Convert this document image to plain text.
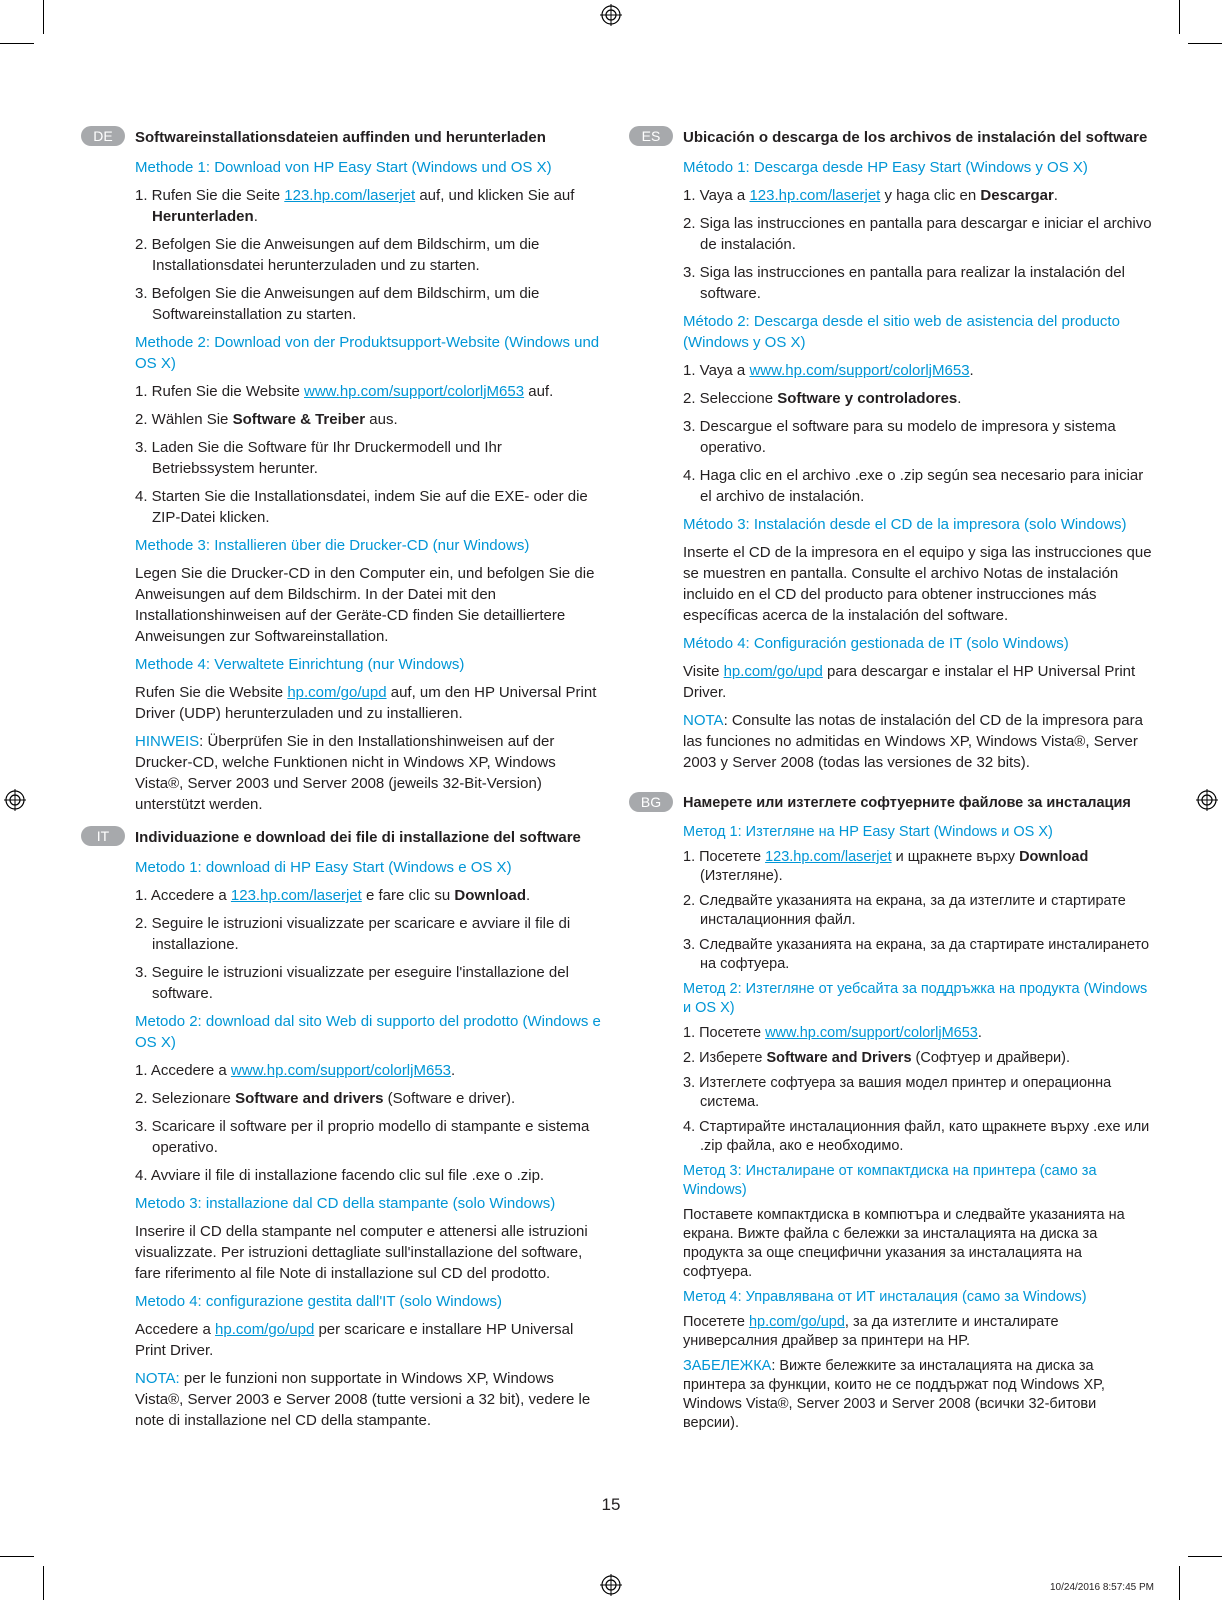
DE	Softwareinstallationsdateien auffinden und herunterladen
Methode 1: Download von HP Easy Start (Windows und OS X)
1. Rufen Sie die Seite 123.hp.com/laserjet auf, und klicken Sie auf Herunterladen.
2. Befolgen Sie die Anweisungen auf dem Bildschirm, um die Installationsdatei herunterzuladen und zu starten.
3. Befolgen Sie die Anweisungen auf dem Bildschirm, um die Softwareinstallation zu starten.
Methode 2: Download von der Produktsupport-Website (Windows und OS X)
1. Rufen Sie die Website www.hp.com/support/colorljM653 auf.
2. Wählen Sie Software & Treiber aus.
3. Laden Sie die Software für Ihr Druckermodell und Ihr Betriebssystem herunter.
4. Starten Sie die Installationsdatei, indem Sie auf die EXE- oder die ZIP-Datei klicken.
Methode 3: Installieren über die Drucker-CD (nur Windows)
Legen Sie die Drucker-CD in den Computer ein, und befolgen Sie die Anweisungen auf dem Bildschirm. In der Datei mit den Installationshinweisen auf der Geräte-CD finden Sie detailliertere Anweisungen zur Softwareinstallation.
Methode 4: Verwaltete Einrichtung (nur Windows)
Rufen Sie die Website hp.com/go/upd auf, um den HP Universal Print Driver (UDP) herunterzuladen und zu installieren.
HINWEIS: Überprüfen Sie in den Installationshinweisen auf der Drucker-CD, welche Funktionen nicht in Windows XP, Windows Vista®, Server 2003 und Server 2008 (jeweils 32-Bit-Version) unterstützt werden.
IT	Individuazione e download dei file di installazione del software
Metodo 1: download di HP Easy Start (Windows e OS X)
1. Accedere a 123.hp.com/laserjet e fare clic su Download.
2. Seguire le istruzioni visualizzate per scaricare e avviare il file di installazione.
3. Seguire le istruzioni visualizzate per eseguire l'installazione del software.
Metodo 2: download dal sito Web di supporto del prodotto (Windows e OS X)
1. Accedere a www.hp.com/support/colorljM653.
2. Selezionare Software and drivers (Software e driver).
3. Scaricare il software per il proprio modello di stampante e sistema operativo.
4. Avviare il file di installazione facendo clic sul file .exe o .zip.
Metodo 3: installazione dal CD della stampante (solo Windows)
Inserire il CD della stampante nel computer e attenersi alle istruzioni visualizzate. Per istruzioni dettagliate sull'installazione del software, fare riferimento al file Note di installazione sul CD del prodotto.
Metodo 4: configurazione gestita dall'IT (solo Windows)
Accedere a hp.com/go/upd per scaricare e installare HP Universal Print Driver.
NOTA: per le funzioni non supportate in Windows XP, Windows Vista®, Server 2003 e Server 2008 (tutte versioni a 32 bit), vedere le note di installazione nel CD della stampante.
ES	Ubicación o descarga de los archivos de instalación del software
Método 1: Descarga desde HP Easy Start (Windows y OS X)
1. Vaya a 123.hp.com/laserjet y haga clic en Descargar.
2. Siga las instrucciones en pantalla para descargar e iniciar el archivo de instalación.
3. Siga las instrucciones en pantalla para realizar la instalación del software.
Método 2: Descarga desde el sitio web de asistencia del producto (Windows y OS X)
1. Vaya a www.hp.com/support/colorljM653.
2. Seleccione Software y controladores.
3. Descargue el software para su modelo de impresora y sistema operativo.
4. Haga clic en el archivo .exe o .zip según sea necesario para iniciar el archivo de instalación.
Método 3: Instalación desde el CD de la impresora (solo Windows)
Inserte el CD de la impresora en el equipo y siga las instrucciones que se muestren en pantalla. Consulte el archivo Notas de instalación incluido en el CD del producto para obtener instrucciones más específicas acerca de la instalación del software.
Método 4: Configuración gestionada de IT (solo Windows)
Visite hp.com/go/upd para descargar e instalar el HP Universal Print Driver.
NOTA: Consulte las notas de instalación del CD de la impresora para las funciones no admitidas en Windows XP, Windows Vista®, Server 2003 y Server 2008 (todas las versiones de 32 bits).
BG	Намерете или изтеглете софтуерните файлове за инсталация
Метод 1: Изтегляне на HP Easy Start (Windows и OS X)
1. Посетете 123.hp.com/laserjet и щракнете върху Download (Изтегляне).
2. Следвайте указанията на екрана, за да изтеглите и стартирате инсталационния файл.
3. Следвайте указанията на екрана, за да стартирате инсталирането на софтуера.
Метод 2: Изтегляне от уебсайта за поддръжка на продукта (Windows и OS X)
1. Посетете www.hp.com/support/colorljM653.
2. Изберете Software and Drivers (Софтуер и драйвери).
3. Изтеглете софтуера за вашия модел принтер и операционна система.
4. Стартирайте инсталационния файл, като щракнете върху .exe или .zip файла, ако е необходимо.
Метод 3: Инсталиране от компактдиска на принтера (само за Windows)
Поставете компактдиска в компютъра и следвайте указанията на екрана. Вижте файла с бележки за инсталацията на диска за продукта за още специфични указания за инсталацията на софтуера.
Метод 4: Управлявана от ИТ инсталация (само за Windows)
Посетете hp.com/go/upd, за да изтеглите и инсталирате универсалния драйвер за принтери на HP.
ЗАБЕЛЕЖКА: Вижте бележките за инсталацията на диска за принтера за функции, които не се поддържат под Windows XP, Windows Vista®, Server 2003 и Server 2008 (всички 32-битови версии).
15
10/24/2016 8:57:45 PM
